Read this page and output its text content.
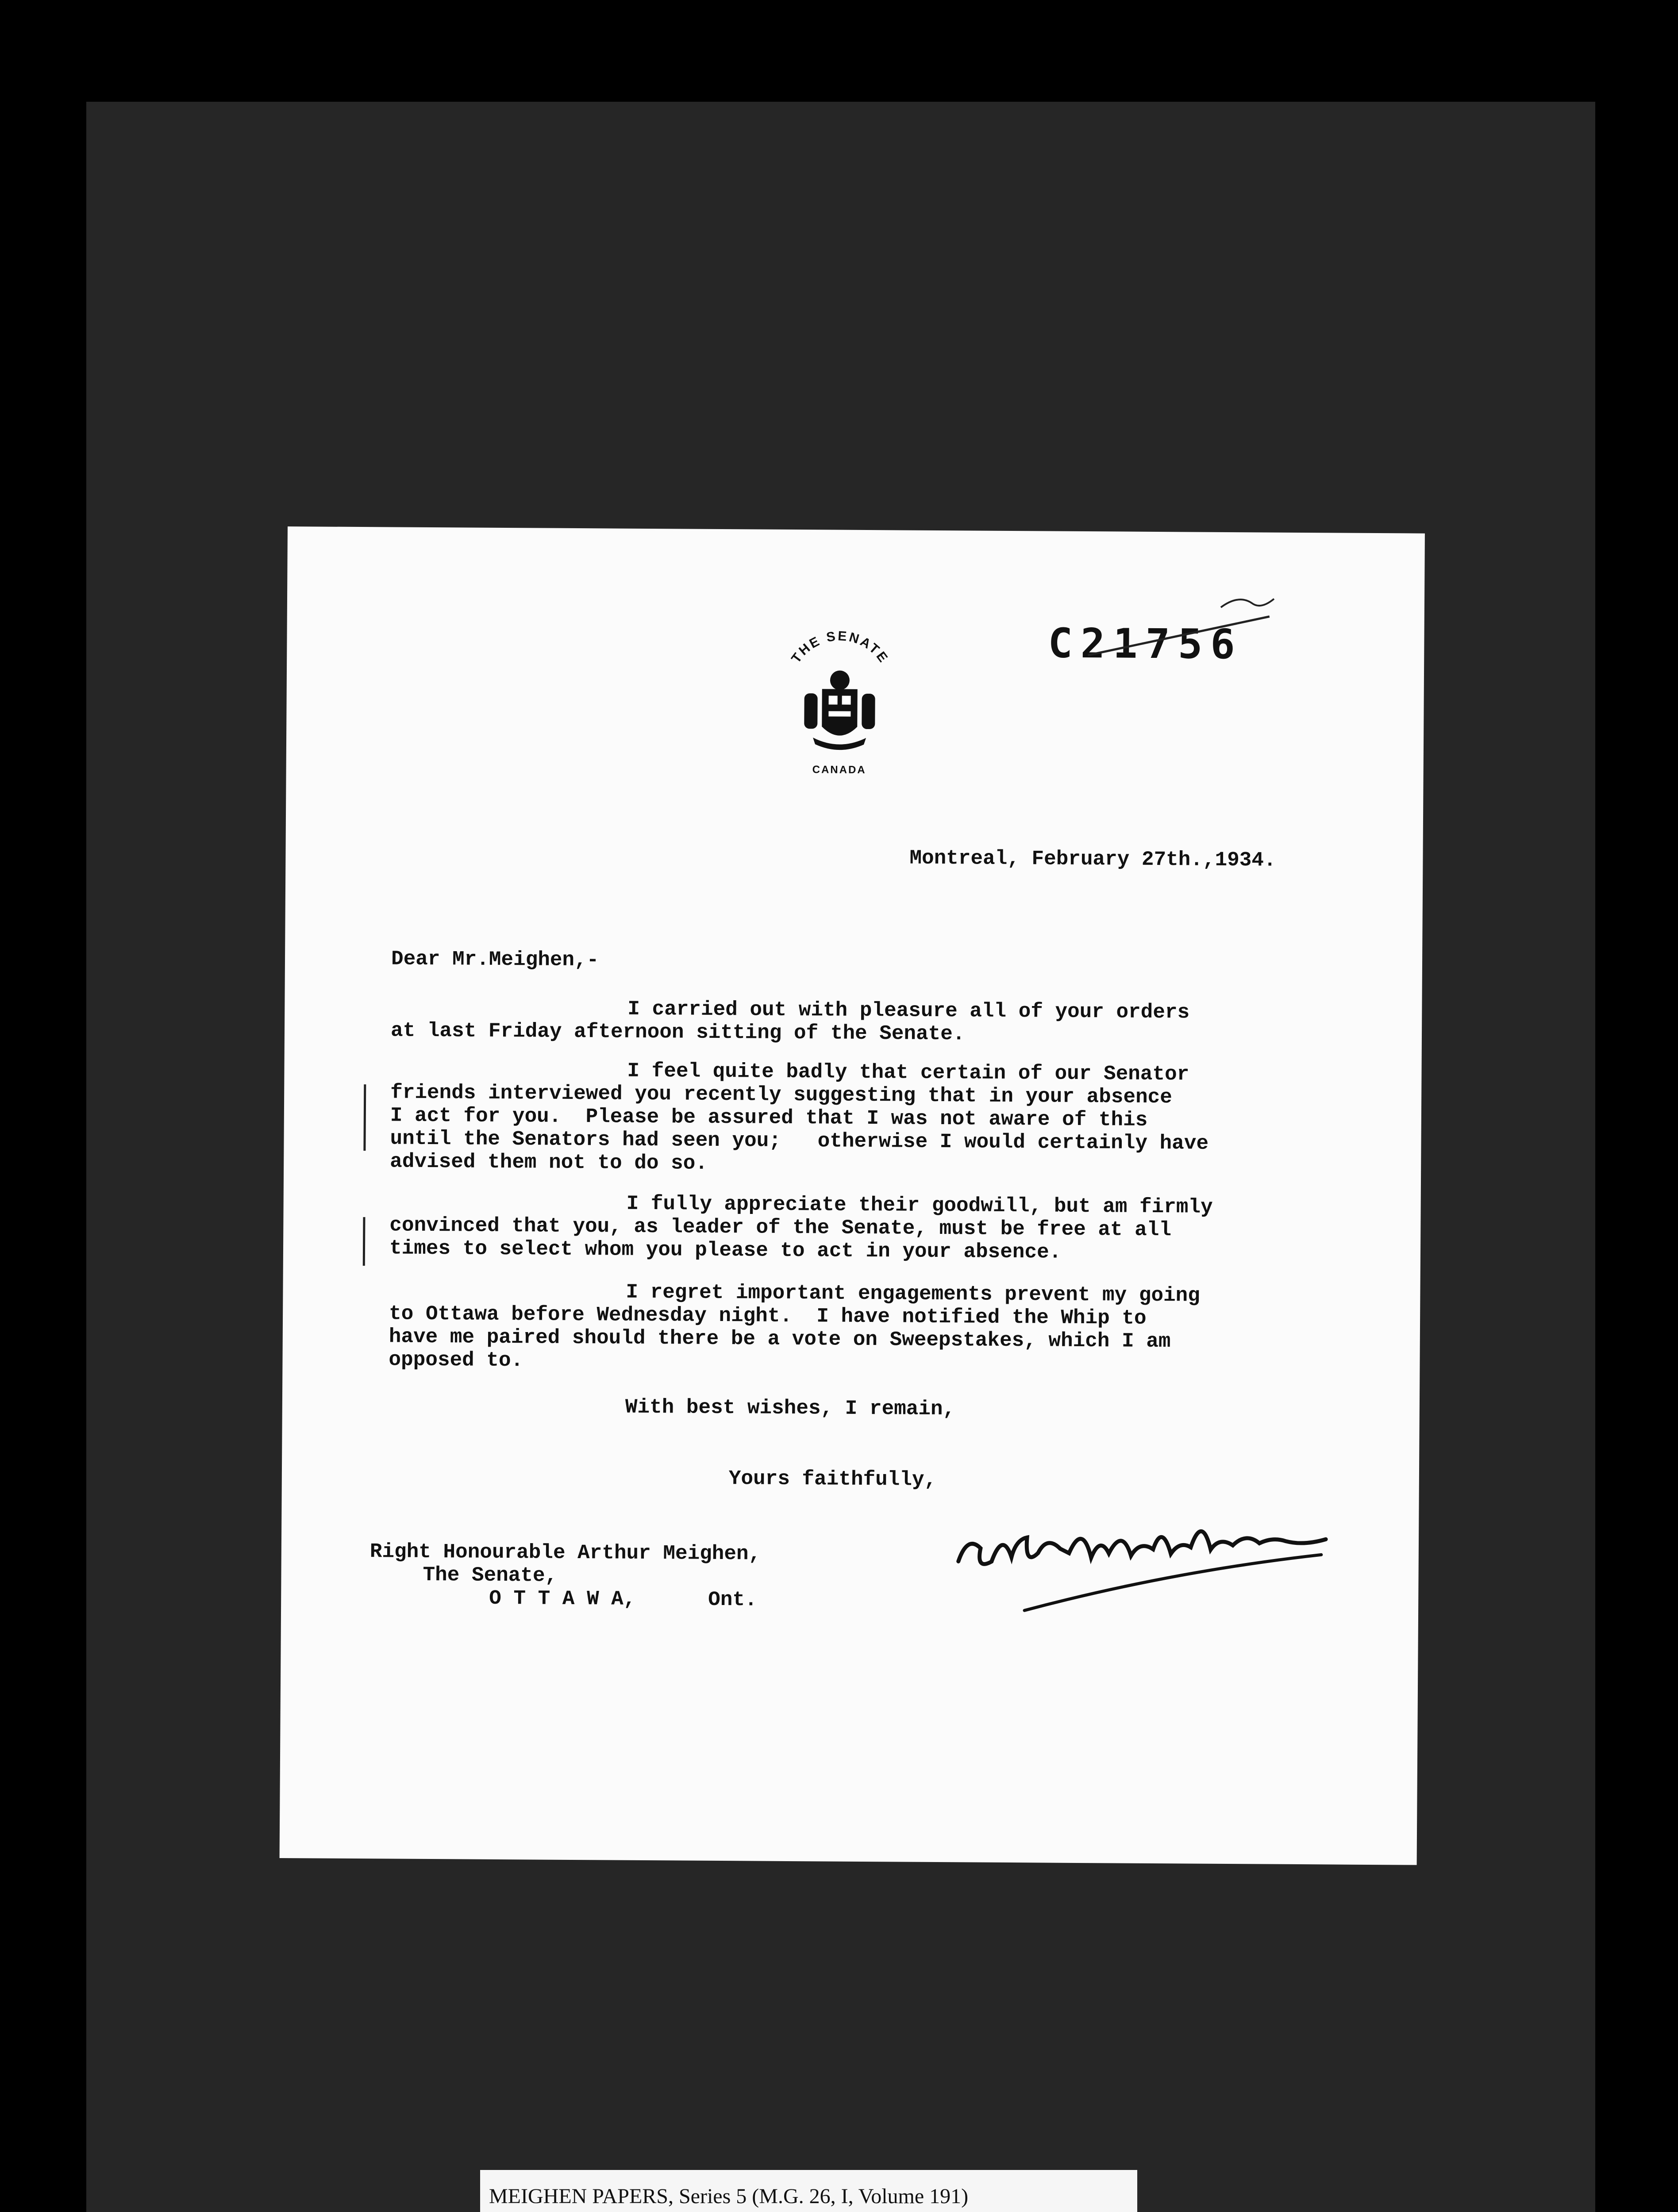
THE SENATE
CANADA
C21756
Montreal, February 27th.,1934.
Dear Mr.Meighen,-
I carried out with pleasure all of your orders
at last Friday afternoon sitting of the Senate.
I feel quite badly that certain of our Senator
friends interviewed you recently suggesting that in your absence
I act for you.  Please be assured that I was not aware of this
until the Senators had seen you;   otherwise I would certainly have
advised them not to do so.
I fully appreciate their goodwill, but am firmly
convinced that you, as leader of the Senate, must be free at all
times to select whom you please to act in your absence.
I regret important engagements prevent my going
to Ottawa before Wednesday night.  I have notified the Whip to
have me paired should there be a vote on Sweepstakes, which I am
opposed to.
With best wishes, I remain,
Yours faithfully,
Right Honourable Arthur Meighen,
The Senate,
O T T A W A,	Ont.
MEIGHEN PAPERS, Series 5 (M.G. 26, I, Volume 191)
